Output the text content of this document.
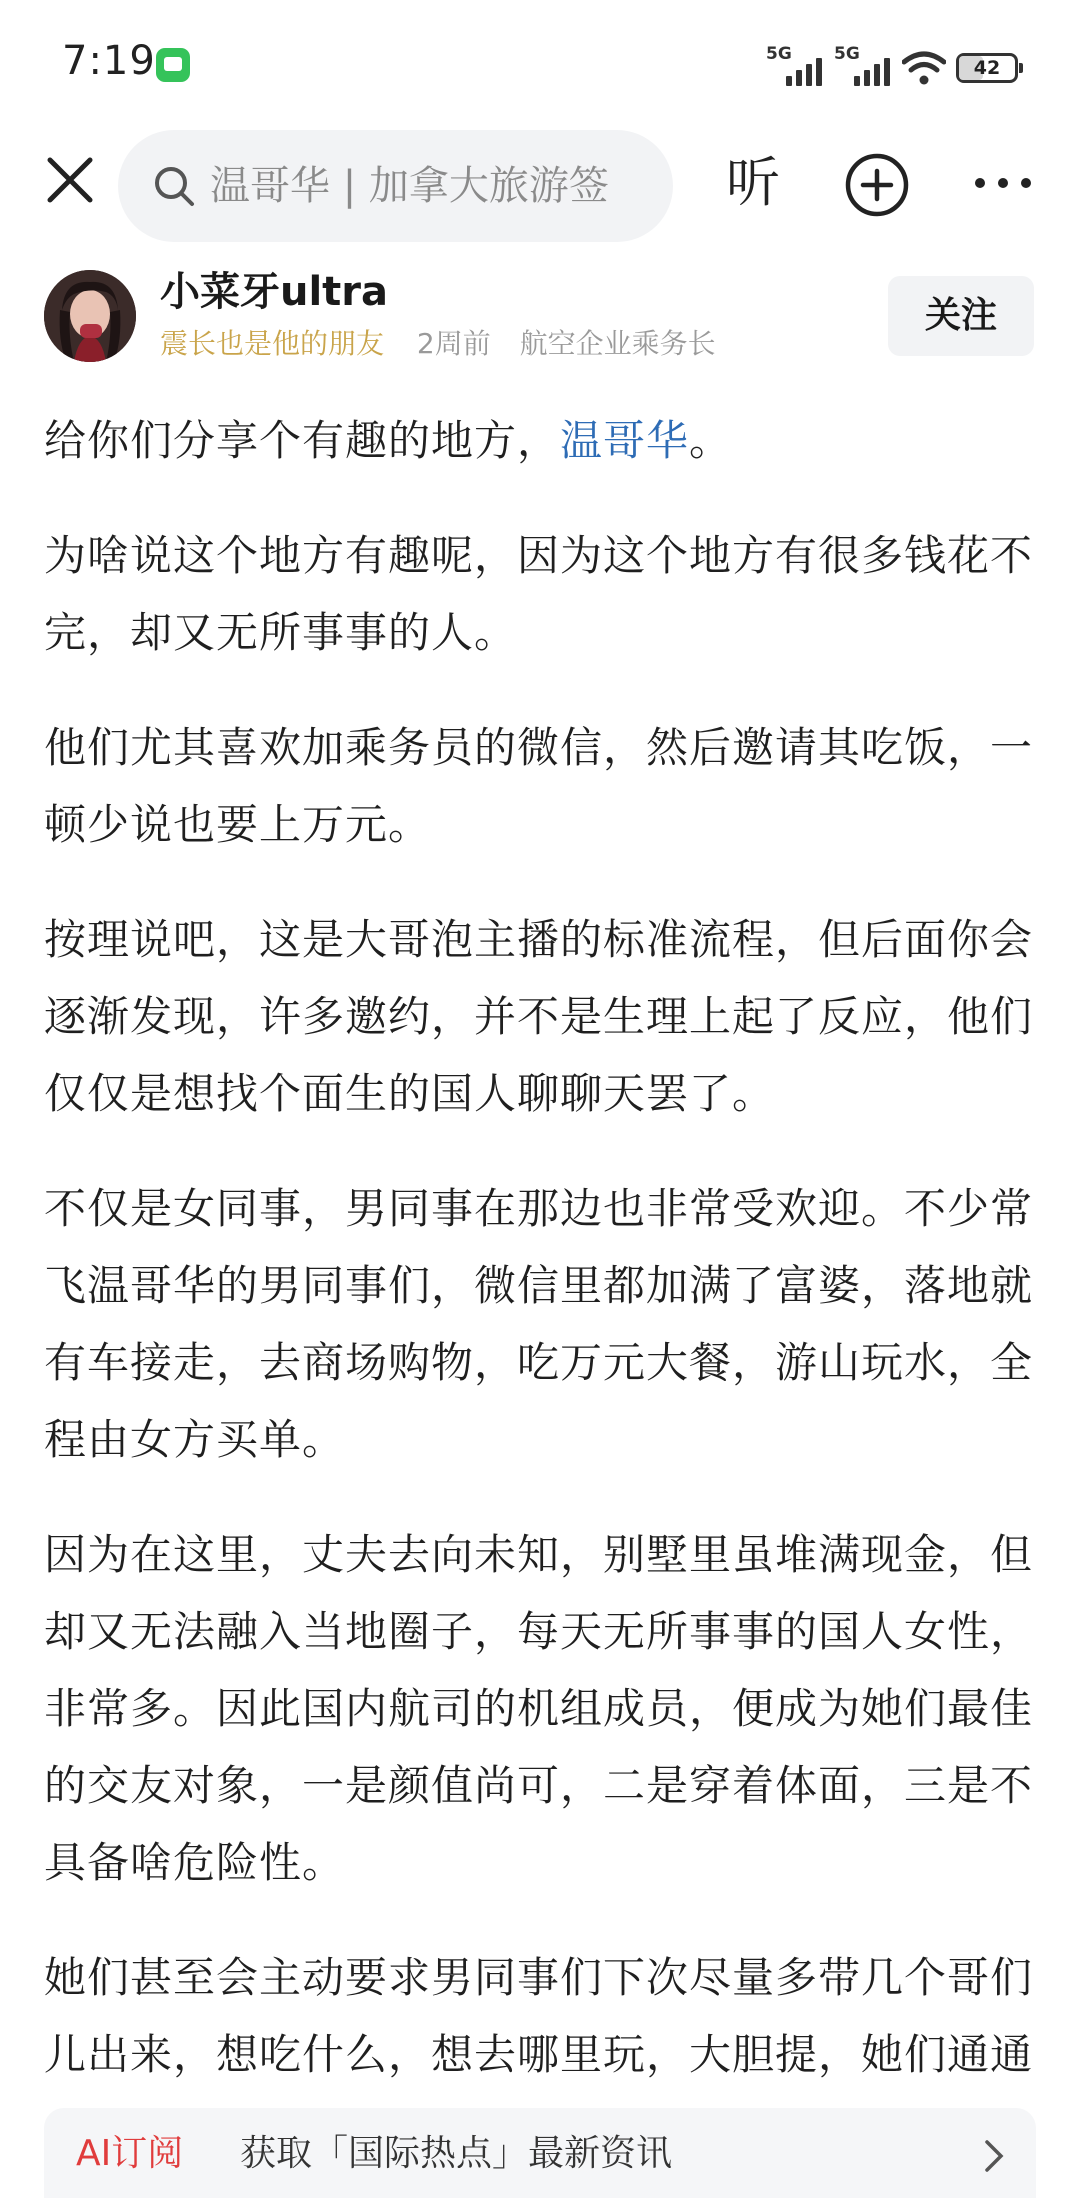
7:19	5G 5G
42
温哥华 | 加拿大旅游签	听
小菜牙ultra
震长也是他的朋友 2周前 航空企业乘务长
关注

给你们分享个有趣的地方，温哥华。

为啥说这个地方有趣呢，因为这个地方有很多钱花不完，却又无所事事的人。

他们尤其喜欢加乘务员的微信，然后邀请其吃饭，一顿少说也要上万元。

按理说吧，这是大哥泡主播的标准流程，但后面你会逐渐发现，许多邀约，并不是生理上起了反应，他们仅仅是想找个面生的国人聊聊天罢了。

不仅是女同事，男同事在那边也非常受欢迎。不少常飞温哥华的男同事们，微信里都加满了富婆，落地就有车接走，去商场购物，吃万元大餐，游山玩水，全程由女方买单。

因为在这里，丈夫去向未知，别墅里虽堆满现金，但却又无法融入当地圈子，每天无所事事的国人女性，非常多。因此国内航司的机组成员，便成为她们最佳的交友对象，一是颜值尚可，二是穿着体面，三是不具备啥危险性。

她们甚至会主动要求男同事们下次尽量多带几个哥们儿出来，想吃什么，想去哪里玩，大胆提，她们通通

AI订阅 获取「国际热点」最新资讯
